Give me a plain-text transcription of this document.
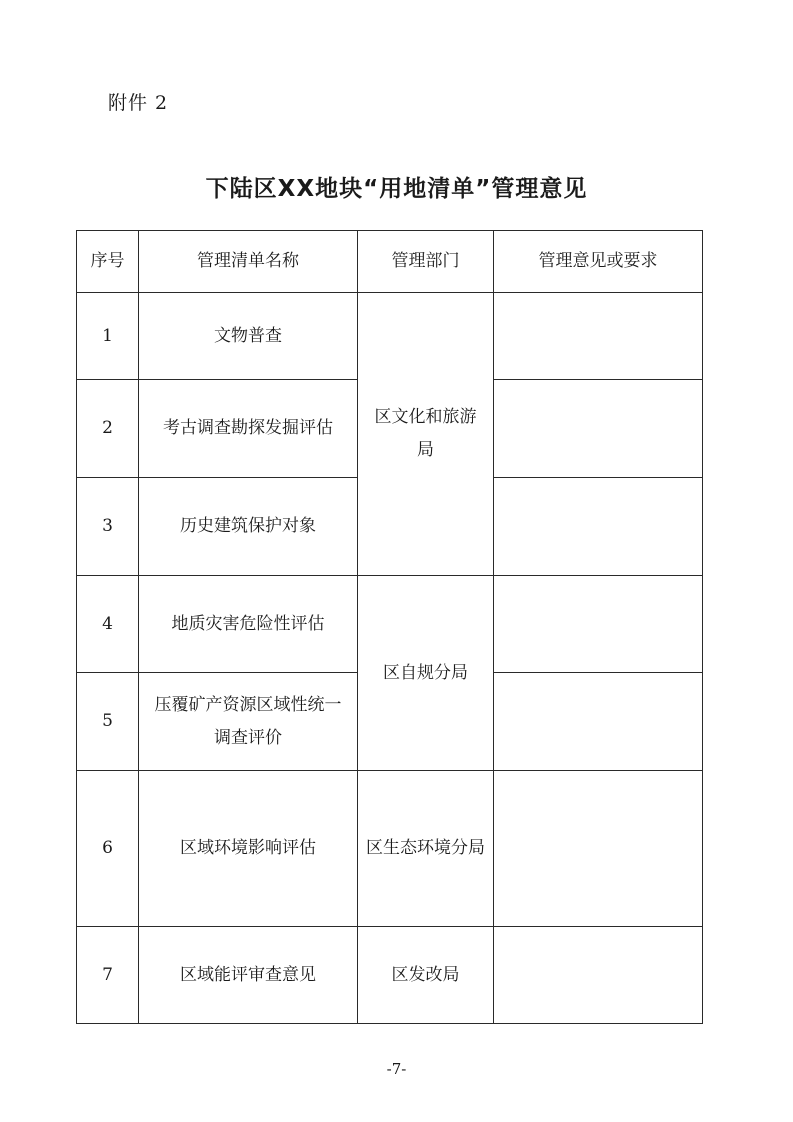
附件 2
下陆区XX地块“用地清单”管理意见
序号	管理清单名称	管理部门	管理意见或要求
1	文物普查	区文化和旅游局	
2	考古调查勘探发掘评估		
3	历史建筑保护对象		
4	地质灾害危险性评估	区自规分局	
5	压覆矿产资源区域性统一调查评价		
6	区域环境影响评估	区生态环境分局	
7	区域能评审查意见	区发改局	
-7-
